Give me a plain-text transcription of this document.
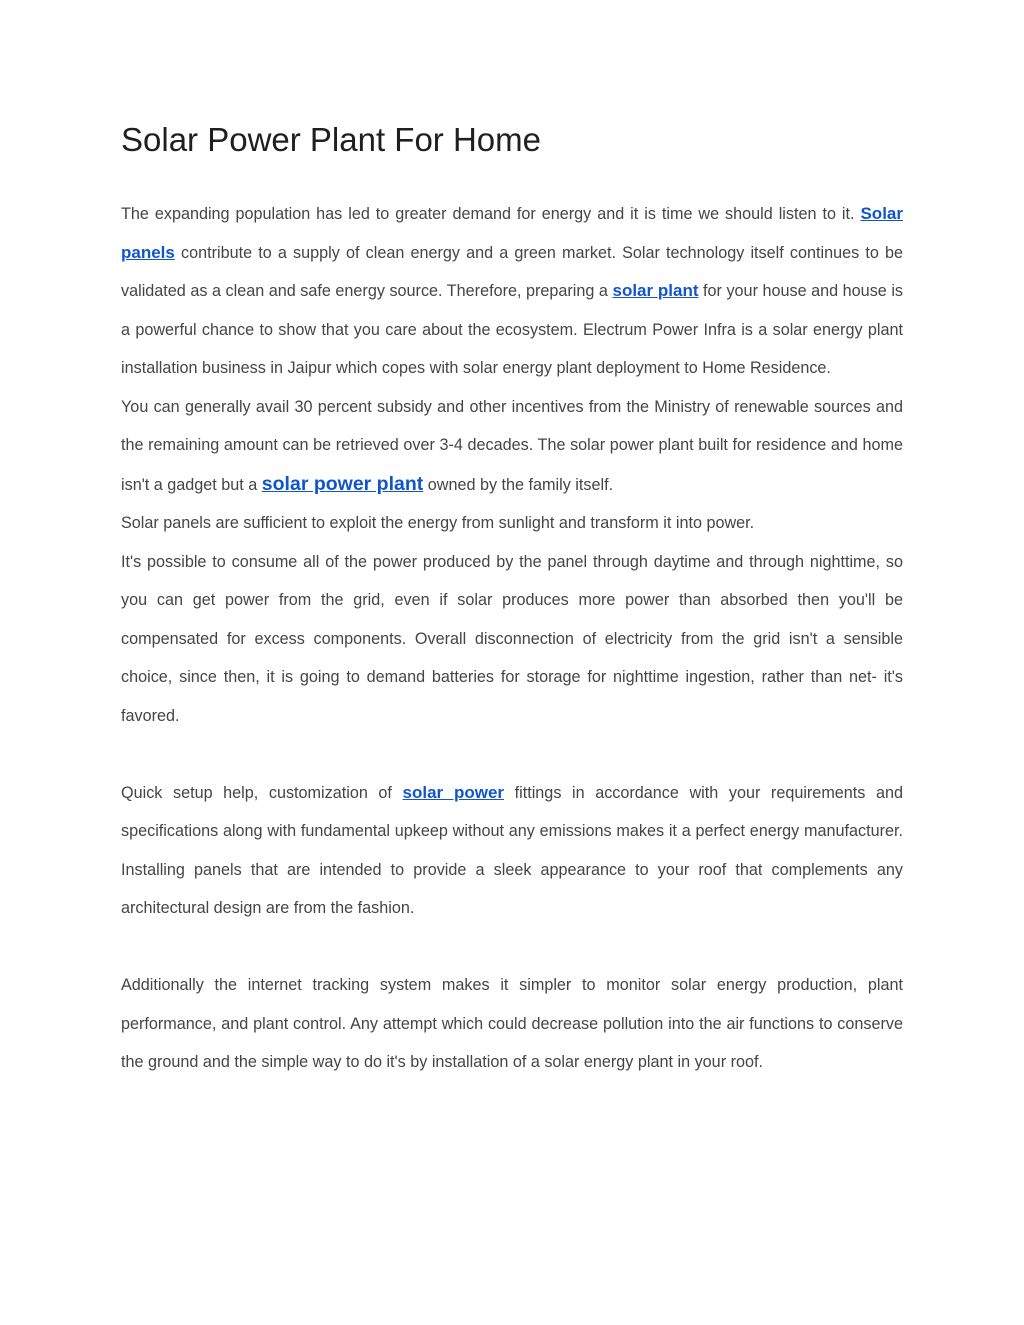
Solar Power Plant For Home

The expanding population has led to greater demand for energy and it is time we should listen to it. Solar panels contribute to a supply of clean energy and a green market. Solar technology itself continues to be validated as a clean and safe energy source. Therefore, preparing a solar plant for your house and house is a powerful chance to show that you care about the ecosystem. Electrum Power Infra is a solar energy plant installation business in Jaipur which copes with solar energy plant deployment to Home Residence.

You can generally avail 30 percent subsidy and other incentives from the Ministry of renewable sources and the remaining amount can be retrieved over 3-4 decades. The solar power plant built for residence and home isn't a gadget but a solar power plant owned by the family itself.

Solar panels are sufficient to exploit the energy from sunlight and transform it into power.

It's possible to consume all of the power produced by the panel through daytime and through nighttime, so you can get power from the grid, even if solar produces more power than absorbed then you'll be compensated for excess components. Overall disconnection of electricity from the grid isn't a sensible choice, since then, it is going to demand batteries for storage for nighttime ingestion, rather than net- it's favored.

Quick setup help, customization of solar power fittings in accordance with your requirements and specifications along with fundamental upkeep without any emissions makes it a perfect energy manufacturer. Installing panels that are intended to provide a sleek appearance to your roof that complements any architectural design are from the fashion.

Additionally the internet tracking system makes it simpler to monitor solar energy production, plant performance, and plant control. Any attempt which could decrease pollution into the air functions to conserve the ground and the simple way to do it's by installation of a solar energy plant in your roof.
